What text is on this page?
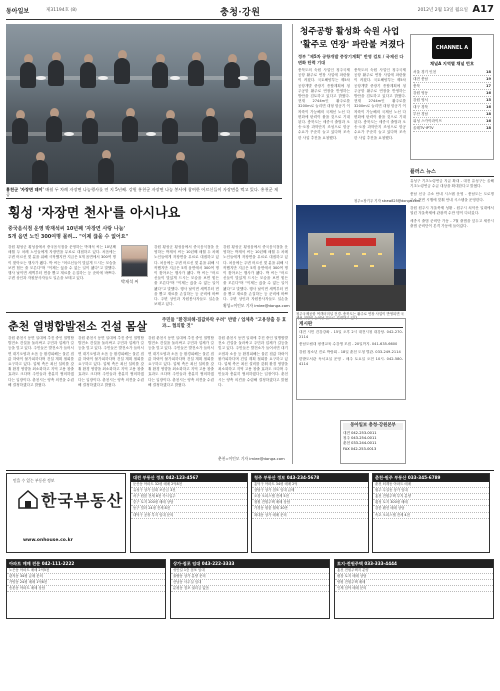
동아일보	제31194호 (8)	충청·강원	2012년 2월 13일 월요일 A17
홍천군 '자장면 데이' 매월 두 차례 자장면 나눔행사를 연 지 5년째. 강원 홍천군 자장면 나눔 봉사에 참여한 어르신들이 자장면을 먹고 있다. 홍천군 제공
횡성 '자장면 천사'를 아시나요
중국음식점 운영 박재석씨 10년째 '자장면 사랑 나눔'
5개 읍면 노인 300여명 몰려… "이제 끊을 수 없어요"
강원 횡성군 횡성읍에서 중국음식점을 운영하는 박재석 씨는 10년째 매월 두 차례 노인들에게 자장면을 무료로 대접하고 있다. 처음에는 주변 어르신 몇 분을 위해 시작했지만 지금은 5개 읍면에서 300여 명이 찾아오는 행사가 됐다. 박 씨는 "어르신들이 맛있게 드시는 모습을 보면 힘든 줄 모른다"며 "이제는 끊을 수 없는 일이 됐다"고 말했다. 행사 날이면 새벽부터 면을 뽑고 재료를 손질하는 등 준비에 바쁘다. 주변 상인과 자원봉사자들도 일손을 보태고 있다.
박재석 씨
강원 횡성군 횡성읍에서 중국음식점을 운영하는 박재석 씨는 10년째 매월 두 차례 노인들에게 자장면을 무료로 대접하고 있다. 처음에는 주변 어르신 몇 분을 위해 시작했지만 지금은 5개 읍면에서 300여 명이 찾아오는 행사가 됐다. 박 씨는 "어르신들이 맛있게 드시는 모습을 보면 힘든 줄 모른다"며 "이제는 끊을 수 없는 일이 됐다"고 말했다. 행사 날이면 새벽부터 면을 뽑고 재료를 손질하는 등 준비에 바쁘다. 주변 상인과 자원봉사자들도 일손을 보태고 있다.
강원 횡성군 횡성읍에서 중국음식점을 운영하는 박재석 씨는 10년째 매월 두 차례 노인들에게 자장면을 무료로 대접하고 있다. 처음에는 주변 어르신 몇 분을 위해 시작했지만 지금은 5개 읍면에서 300여 명이 찾아오는 행사가 됐다. 박 씨는 "어르신들이 맛있게 드시는 모습을 보면 힘든 줄 모른다"며 "이제는 끊을 수 없는 일이 됐다"고 말했다. 행사 날이면 새벽부터 면을 뽑고 재료를 손질하는 등 준비에 바쁘다. 주변 상인과 자원봉사자들도 일손을
횡성=이인모 기자 imlee@donga.com
춘천 열병합발전소 건설 몸살	주민들 "환경피해·집값하락 우려" 반발 / 업체측 "고용창출 등 효과… 협의할 것"
강원 춘천시 동면 일대에 추진 중인 열병합발전소 건설을 둘러싸고 주민과 업체가 갈등을 빚고 있다. 주민들은 발전소가 들어서면 대기오염과 소음 등 환경피해는 물론 집값 하락이 불가피하다며 건설 계획 철회를 요구하고 있다. 업체 측은 최신 설비를 갖춰 환경 영향을 최소화하고 지역 고용 창출 효과도 크다며 주민들과 충분히 협의하겠다는 입장이다. 춘천시는 양측 의견을 수렴해 결정하겠다고 밝혔다.
강원 춘천시 동면 일대에 추진 중인 열병합발전소 건설을 둘러싸고 주민과 업체가 갈등을 빚고 있다. 주민들은 발전소가 들어서면 대기오염과 소음 등 환경피해는 물론 집값 하락이 불가피하다며 건설 계획 철회를 요구하고 있다. 업체 측은 최신 설비를 갖춰 환경 영향을 최소화하고 지역 고용 창출 효과도 크다며 주민들과 충분히 협의하겠다는 입장이다. 춘천시는 양측 의견을 수렴해 결정하겠다고 밝혔다.
강원 춘천시 동면 일대에 추진 중인 열병합발전소 건설을 둘러싸고 주민과 업체가 갈등을 빚고 있다. 주민들은 발전소가 들어서면 대기오염과 소음 등 환경피해는 물론 집값 하락이 불가피하다며 건설 계획 철회를 요구하고 있다. 업체 측은 최신 설비를 갖춰 환경 영향을 최소화하고 지역 고용 창출 효과도 크다며 주민들과 충분히 협의하겠다는 입장이다. 춘천시는 양측 의견을 수렴해 결정하겠다고 밝혔다.
강원 춘천시 동면 일대에 추진 중인 열병합발전소 건설을 둘러싸고 주민과 업체가 갈등을 빚고 있다. 주민들은 발전소가 들어서면 대기오염과 소음 등 환경피해는 물론 집값 하락이 불가피하다며 건설 계획 철회를 요구하고 있다. 업체 측은 최신 설비를 갖춰 환경 영향을 최소화하고 지역 고용 창출 효과도 크다며 주민들과 충분히 협의하겠다는 입장이다. 춘천시는 양측 의견을 수렴해 결정하겠다고 밝혔다.
춘천=이인모 기자 imlee@donga.com
청주공항 활성화 숙원 사업
'활주로 연장' 파란불 켜졌다
정부 "제5차 공항개발 중장기계획" 반영 검토 / 국제선 다변화 탄력 기대
충북도의 숙원 사업인 청주국제공항 활주로 연장 사업에 파란불이 켜졌다. 국토해양부는 제5차 공항개발 중장기 종합계획에 청주공항 활주로 연장을 반영하는 방안을 검토하고 있다고 밝혔다. 현재 2744m인 활주로를 3200m로 늘리면 대형 항공기 이착륙이 가능해져 국제선 노선 다변화에 탄력이 붙을 것으로 기대된다. 충북도는 세종시 출범과 오송·오창 과학단지 조성으로 항공 수요가 꾸준히 늘고 있다며 조속한 사업 추진을 요청했다.
충북도의 숙원 사업인 청주국제공항 활주로 연장 사업에 파란불이 켜졌다. 국토해양부는 제5차 공항개발 중장기 종합계획에 청주공항 활주로 연장을 반영하는 방안을 검토하고 있다고 밝혔다. 현재 2744m인 활주로를 3200m로 늘리면 대형 항공기 이착륙이 가능해져 국제선 노선 다변화에 탄력이 붙을 것으로 기대된다. 충북도는 세종시 출범과 오송·오창 과학단지 조성으로 항공 수요가 꾸준히 늘고 있다며 조속한 사업 추진을 요청했다.
청주=장기우 기자 straw825@donga.com
청주국제공항 여객터미널 전경. 충북도는 활주로 연장 사업이 반영되면 국제선 취항이 늘어날 것으로 기대하고 있다.
CHANNEL A
채널A 지역별 채널 번호
서울 경기 인천	18
대전 충남	19
충북	17
강원 영동	16
강원 영서	15
대구 경북	16
부산 경남	18
위성 스카이라이프	16
올레TV·IPTV	18
플러스 뉴스
유성구 기초노령연금 지급 확대 - 대전 유성구는 올해 기초노령연금 수급 대상을 확대한다고 밝혔다.
충남 신규 주소 안내 시스템 운영 - 충남도는 도로명 주소 전면 시행에 맞춰 안내 시스템을 운영한다.
강원 원주시 겨울축제 성황 - 원주시 치악산 일대에서 열린 겨울축제에 관광객 수만 명이 다녀갔다.
세종시 출범 준비단 가동 - 7월 출범을 앞두고 세종시 출범 준비단이 본격 가동에 들어갔다.
게시판
대전 시민 건강강좌 - 15일 오후 2시 대전시청 대강당. 042-270-2114
충남도립대 평생교육 수강생 모집 - 20일까지. 041-635-6600
강원 청소년 진로 박람회 - 18일 춘천 도청 별관. 033-249-2114
한밭도서관 독서교실 운영 - 매주 토요일 오전 10시. 042-580-4114
동아일보 충청·강원본부
대전 042-253-0011
청주 043-254-0011
춘천 033-244-0011
FAX 042-253-0013
믿을 수 있는 부동산 정보
한국부동산
www.onhouse.co.kr
대전 부동산 정보 042-123-4567
둔산동 아파트 32평 매매 2억8천
유성구 상가 임대 보증금 3천
서구 원룸 전세 6천 즉시입주
중구 토지 200평 매매 상담
동구 빌라 24평 전세 8천
대덕구 공장 부지 임대 문의
청주 부동산 정보 043-234-5678
흥덕구 아파트 34평 매매 2억
상당구 상가 점포 임대 급매
오창 오피스텔 전세 5천
청원 전원주택 매매 상담
가경동 원룸 월세 30만
복대동 상가 매매 문의
춘천·원주 부동산 033-345-6789
춘천 퇴계동 아파트 매매
원주 무실동 상가 임대
홍천 전원주택 부지 분양
횡성 토지 300평 매매
강릉 펜션 매매 상담
속초 오피스텔 전세 4천
아파트 매매 전문 042-111-2222
노은동 아파트 매매 2억5천
관저동 34평 급매 문의
가양동 24평 매매 1억6천
송촌동 아파트 매매 상담
상가·점포 임대 043-222-3333
성안길 1층 점포 임대
율량동 상가 분양 문의
산남동 사무실 임대
분평동 점포 권리금 없음
토지·전원주택 033-333-4444
홍천 전원주택지 분양
평창 토지 매매 상담
양평 전원주택 매매
인제 임야 매매 문의
